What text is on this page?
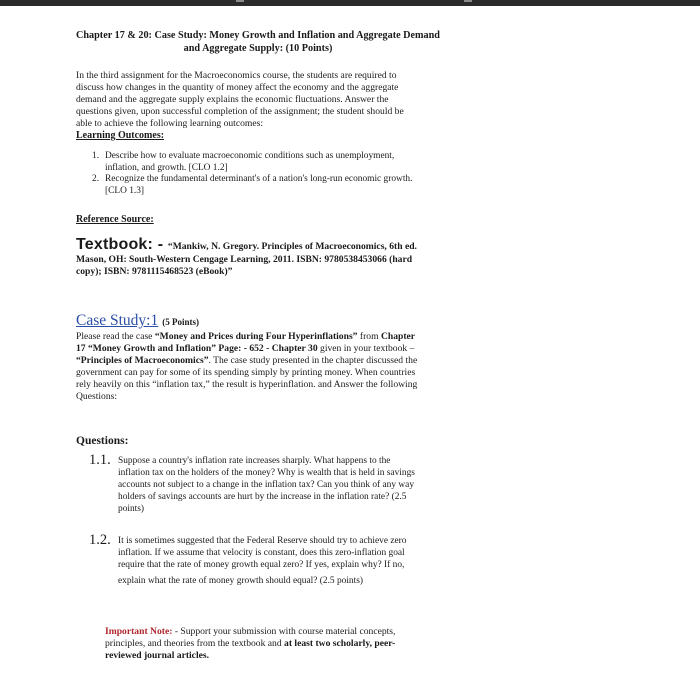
Chapter 17 & 20: Case Study: Money Growth and Inflation and Aggregate Demand
and Aggregate Supply: (10 Points)
In the third assignment for the Macroeconomics course, the students are required to
discuss how changes in the quantity of money affect the economy and the aggregate
demand and the aggregate supply explains the economic fluctuations. Answer the
questions given, upon successful completion of the assignment; the student should be
able to achieve the following learning outcomes:
Learning Outcomes:
1. Describe how to evaluate macroeconomic conditions such as unemployment,
inflation, and growth. [CLO 1.2]
2. Recognize the fundamental determinant's of a nation's long-run economic growth.
[CLO 1.3]
Reference Source:
Textbook: - “Mankiw, N. Gregory. Principles of Macroeconomics, 6th ed.
Mason, OH: South-Western Cengage Learning, 2011. ISBN: 9780538453066 (hard
copy); ISBN: 9781115468523 (eBook)”
Case Study:1 (5 Points)
Please read the case “Money and Prices during Four Hyperinflations” from Chapter
17 “Money Growth and Inflation” Page: - 652 - Chapter 30 given in your textbook –
“Principles of Macroeconomics”. The case study presented in the chapter discussed the
government can pay for some of its spending simply by printing money. When countries
rely heavily on this “inflation tax,” the result is hyperinflation. and Answer the following
Questions:
Questions:
1.1. Suppose a country's inflation rate increases sharply. What happens to the
inflation tax on the holders of the money? Why is wealth that is held in savings
accounts not subject to a change in the inflation tax? Can you think of any way
holders of savings accounts are hurt by the increase in the inflation rate? (2.5
points)
1.2. It is sometimes suggested that the Federal Reserve should try to achieve zero
inflation. If we assume that velocity is constant, does this zero-inflation goal
require that the rate of money growth equal zero? If yes, explain why? If no,
explain what the rate of money growth should equal? (2.5 points)
Important Note: - Support your submission with course material concepts,
principles, and theories from the textbook and at least two scholarly, peer-
reviewed journal articles.
